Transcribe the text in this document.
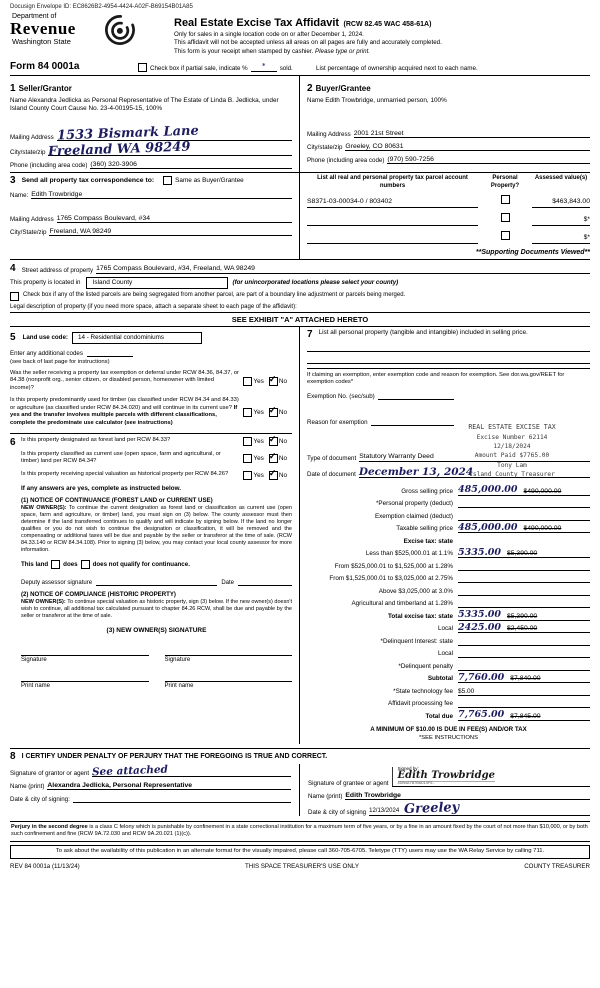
Docusign Envelope ID: EC8626B2-4954-4424-A02F-B69154B01A85
Department of
Revenue
Washington State
Real Estate Excise Tax Affidavit (RCW 82.45 WAC 458-61A)
Only for sales in a single location code on or after December 1, 2024.
This affidavit will not be accepted unless all areas on all pages are fully and accurately completed.
This form is your receipt when stamped by cashier. Please type or print.
Form 84 0001a	Check box if partial sale, indicate %	*	sold.	List percentage of ownership acquired next to each name.
1 Seller/Grantor
Name Alexandra Jedlicka as Personal Representative of The Estate of Linda B. Jedlicka, under Island County Court Cause No. 23-4-00195-15, 100%
Mailing Address 1533 Bismark Lane
City/state/zip Freeland WA 98249
Phone (including area code) (360) 320-3906
2 Buyer/Grantee
Name Edith Trowbridge, unmarried person, 100%
Mailing Address 2001 21st Street
City/state/zip Greeley, CO 80631
Phone (including area code) (970) 590-7256
3 Send all property tax correspondence to:	Same as Buyer/Grantee
Name: Edith Trowbridge
Mailing Address 1765 Compass Boulevard, #34
City/State/zip Freeland, WA 98249
List all real and personal property tax parcel account numbers
Personal Property?
Assessed value(s)
S8371-03-00034-0 / 803402	$463,843.00
$*
$*
**Supporting Documents Viewed**
4 Street address of property 1765 Compass Boulevard, #34, Freeland, WA 98249
This property is located in	Island County	(for unincorporated locations please select your county)
Check box if any of the listed parcels are being segregated from another parcel, are part of a boundary line adjustment or parcels being merged.
Legal description of property (if you need more space, attach a separate sheet to each page of the affidavit):
SEE EXHIBIT "A" ATTACHED HERETO
5 Land use code:	14 - Residential condominiums
Enter any additional codes
(see back of last page for instructions)
Was the seller receiving a property tax exemption or deferral under RCW 84.36, 84.37, or 84.38 (nonprofit org., senior citizen, or disabled person, homeowner with limited income)?
Yes ✓ No
Is this property predominantly used for timber (as classified under RCW 84.34 and 84.33) or agriculture (as classified under RCW 84.34.020) and will continue in its current use? If yes and the transfer involves multiple parcels with different classifications, complete the predominate use calculator (see instructions)
Yes ✓ No
6 Is this property designated as forest land per RCW 84.33?	Yes ✓ No
Is this property classified as current use (open space, farm and agricultural, or timber) land per RCW 84.34?	Yes ✓ No
Is this property receiving special valuation as historical property per RCW 84.26?	Yes ✓ No
If any answers are yes, complete as instructed below.
(1) NOTICE OF CONTINUANCE (FOREST LAND or CURRENT USE)
NEW OWNER(S): To continue the current designation as forest land or classification as current use (open space, farm and agriculture, or timber) land, you must sign on (3) below. The county assessor must then determine if the land transferred continues to qualify and will indicate by signing below. If the land no longer qualifies or you do not wish to continue the designation or classification, it will be removed and the compensating or additional taxes will be due and payable by the seller or transferor at the time of sale. (RCW 84.33.140 or RCW 84.34.108). Prior to signing (3) below, you may contact your local county assessor for more information.
This land does does not qualify for continuance.
Deputy assessor signature	Date
(2) NOTICE OF COMPLIANCE (HISTORIC PROPERTY)
NEW OWNER(S): To continue special valuation as historic property, sign (3) below. If the new owner(s) doesn't wish to continue, all additional tax calculated pursuant to chapter 84.26 RCW, shall be due and payable by the seller or transferor at the time of sale.
(3) NEW OWNER(S) SIGNATURE
Signature	Signature
Print name	Print name
7 List all personal property (tangible and intangible) included in selling price.
If claiming an exemption, enter exemption code and reason for exemption. See dor.wa.gov/REET for exemption codes*
Exemption No. (sec/sub)
REAL ESTATE EXCISE TAX
Excise Number 62114
12/18/2024
Amount Paid $7765.00
Tony Lam
Island County Treasurer
Reason for exemption
Type of document Statutory Warranty Deed
Date of document December 13, 2024
Gross selling price 485,000.00 $490,000.00
*Personal property (deduct)
Exemption claimed (deduct)
Taxable selling price 485,000.00 $490,000.00
Excise tax: state
Less than $525,000.01 at 1.1% 5335.00 $5,390.00
From $525,000.01 to $1,525,000 at 1.28%
From $1,525,000.01 to $3,025,000 at 2.75%
Above $3,025,000 at 3.0%
Agricultural and timberland at 1.28%
Total excise tax: state 5335.00 $5,390.00
Local 2425.00 $2,450.00
*Delinquent Interest: state
Local
*Delinquent penalty
Subtotal 7,760.00 $7,840.00
*State technology fee $5.00
Affidavit processing fee
Total due 7,765.00 $7,845.00
A MINIMUM OF $10.00 IS DUE IN FEE(S) AND/OR TAX
*SEE INSTRUCTIONS
8 I CERTIFY UNDER PENALTY OF PERJURY THAT THE FOREGOING IS TRUE AND CORRECT.
Signature of grantor or agent See attached
Name (print) Alexandra Jedlicka, Personal Representative
Date & city of signing:
Signature of grantee or agent
Signed by:
Edith Trowbridge
4DB4A7B7B6D14F5...
Name (print) Edith Trowbridge
Date & city of signing 12/13/2024 Greeley
Perjury in the second degree is a class C felony which is punishable by confinement in a state correctional institution for a maximum term of five years, or by a fine in an amount fixed by the court of not more than $10,000, or by both such confinement and fine (RCW 9A.72.030 and RCW 9A.20.021 (1)(c)).
To ask about the availability of this publication in an alternate format for the visually impaired, please call 360-705-6705. Teletype (TTY) users may use the WA Relay Service by calling 711.
REV 84 0001a (11/13/24)	THIS SPACE TREASURER'S USE ONLY	COUNTY TREASURER
